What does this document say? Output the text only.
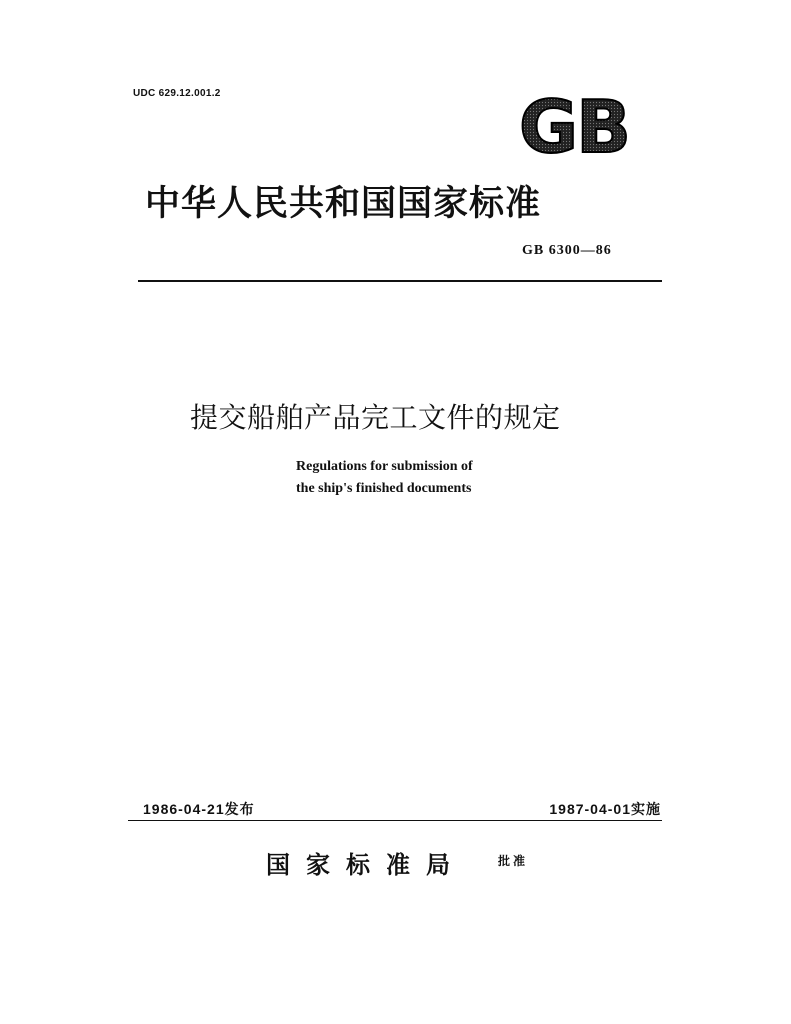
UDC 629.12.001.2	GB
中华人民共和国国家标准
GB 6300—86
提交船舶产品完工文件的规定
Regulations for submission of
the ship's finished documents
1986-04-21发布	1987-04-01实施
国家标准局	批准
